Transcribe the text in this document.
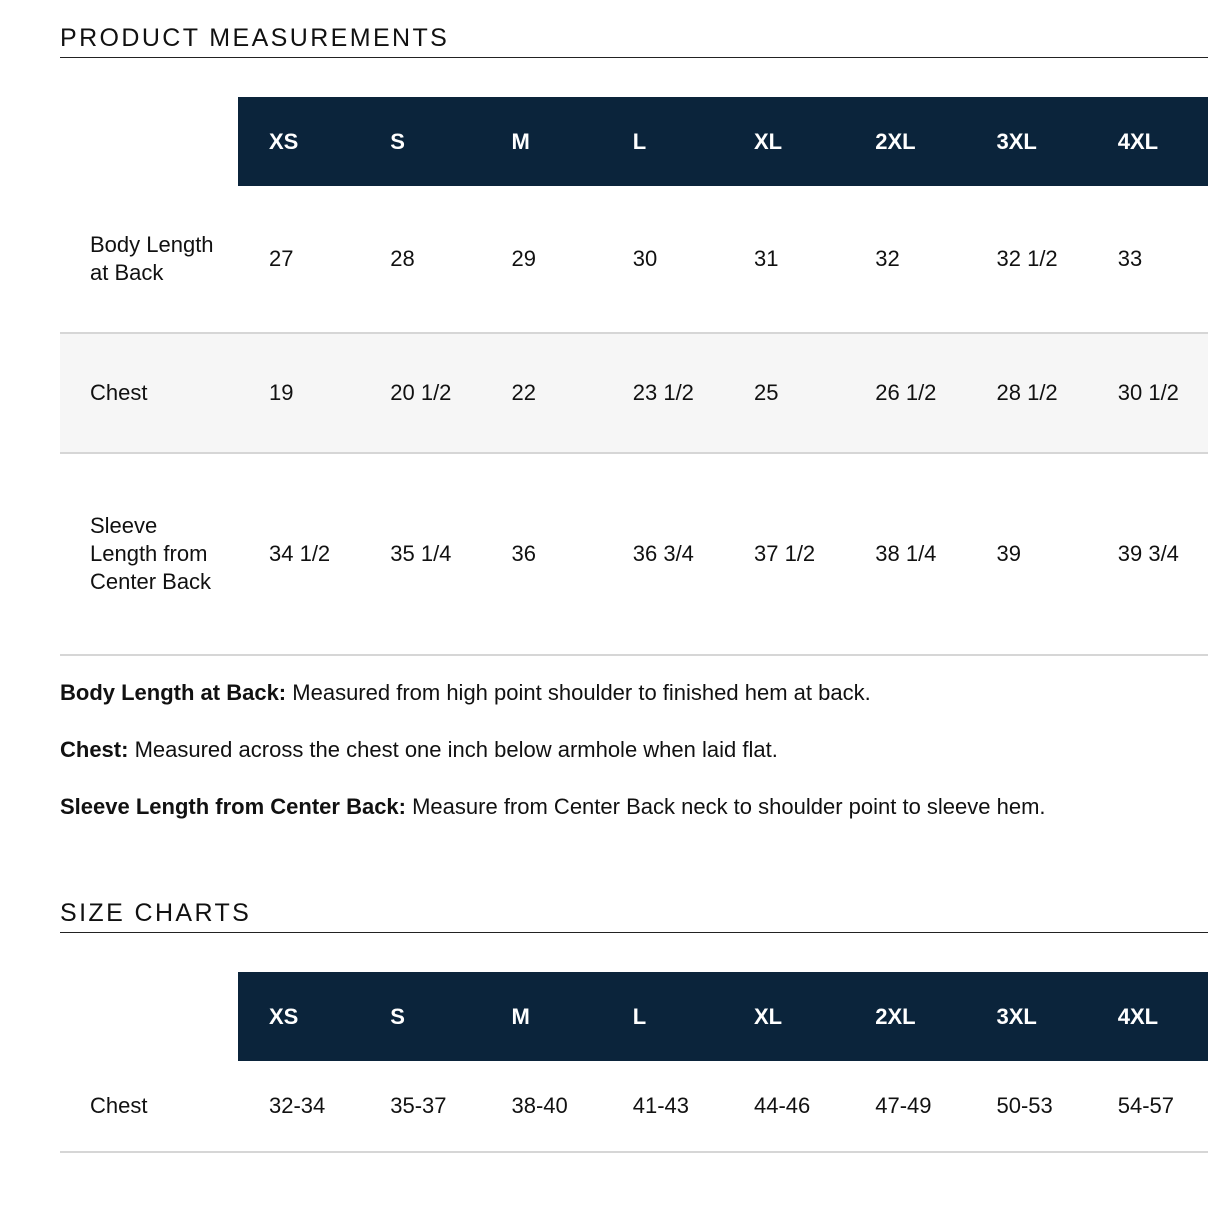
PRODUCT MEASUREMENTS
	XS	S	M	L	XL	2XL	3XL	4XL
Body Length at Back	27	28	29	30	31	32	32 1/2	33
Chest	19	20 1/2	22	23 1/2	25	26 1/2	28 1/2	30 1/2
Sleeve Length from Center Back	34 1/2	35 1/4	36	36 3/4	37 1/2	38 1/4	39	39 3/4

Body Length at Back: Measured from high point shoulder to finished hem at back.

Chest: Measured across the chest one inch below armhole when laid flat.

Sleeve Length from Center Back: Measure from Center Back neck to shoulder point to sleeve hem.

SIZE CHARTS
	XS	S	M	L	XL	2XL	3XL	4XL
Chest	32-34	35-37	38-40	41-43	44-46	47-49	50-53	54-57
